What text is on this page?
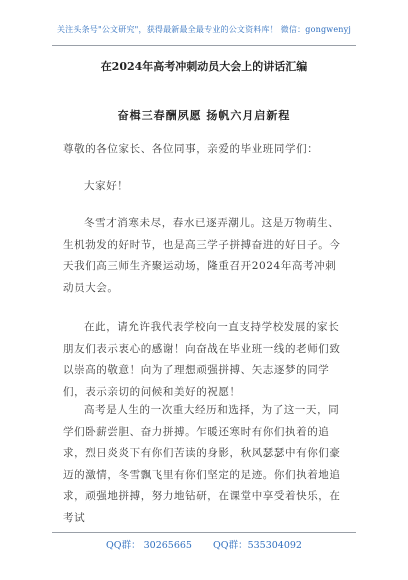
关注头条号"公文研究"，获得最新最全最专业的公文资料库！ 微信：gongwenyj
在2024年高考冲刺动员大会上的讲话汇编
奋楫三春酬夙愿 扬帆六月启新程

尊敬的各位家长、各位同事，亲爱的毕业班同学们：

大家好！

冬雪才消寒未尽，春水已逐弄潮儿。这是万物萌生、生机勃发的好时节，也是高三学子拼搏奋进的好日子。今天我们高三师生齐聚运动场，隆重召开2024年高考冲刺动员大会。

在此，请允许我代表学校向一直支持学校发展的家长朋友们表示衷心的感谢！向奋战在毕业班一线的老师们致以崇高的敬意！向为了理想顽强拼搏、矢志逐梦的同学们，表示亲切的问候和美好的祝愿！

高考是人生的一次重大经历和选择，为了这一天，同学们卧薪尝胆、奋力拼搏。乍暖还寒时有你们执着的追求，烈日炎炎下有你们苦读的身影，秋风瑟瑟中有你们豪迈的激情，冬雪飘飞里有你们坚定的足迹。你们执着地追求，顽强地拼搏，努力地钻研，在课堂中享受着快乐，在考试

QQ群： 30265665 QQ群：535304092
